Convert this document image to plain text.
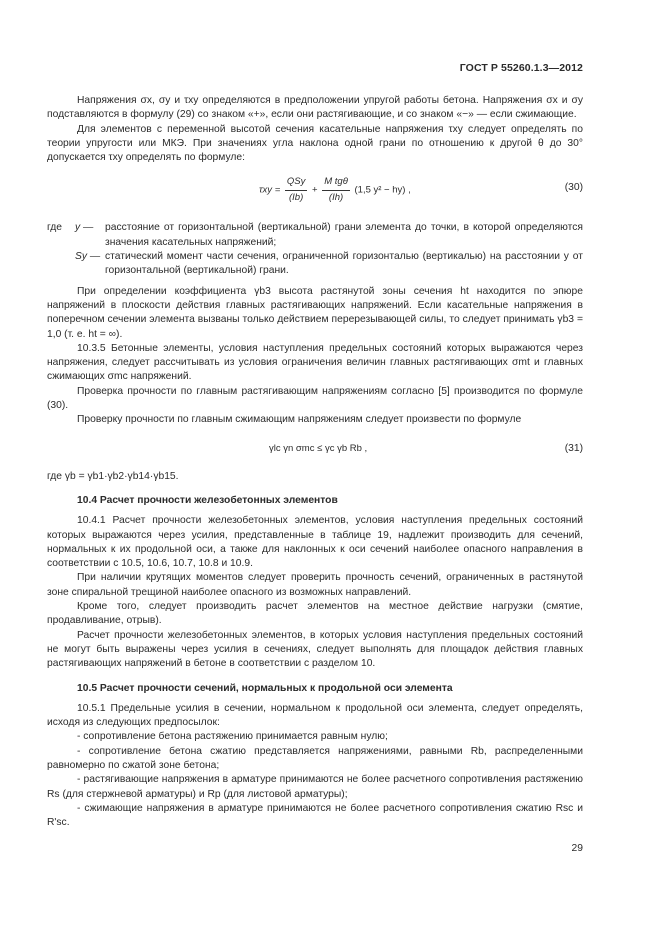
ГОСТ Р 55260.1.3—2012

Напряжения σx, σy и τxy определяются в предположении упругой работы бетона. Напряжения σx и σy подставляются в формулу (29) со знаком «+», если они растягивающие, и со знаком «−» — если сжимающие.

Для элементов с переменной высотой сечения касательные напряжения τxy следует определять по теории упругости или МКЭ. При значениях угла наклона одной грани по отношению к другой θ до 30° допускается τxy определять по формуле:

$\tau xy = \frac{\text{QSy}}{(Ib)} + \frac{\text{M tgθ}}{(Ih)} (1,5$ y² − hy) ,	(30)
где	y —	расстояние от горизонтальной (вертикальной) грани элемента до точки, в которой определяются значения касательных напряжений;
Sy — статический момент части сечения, ограниченной горизонталью (вертикалью) на расстоянии y от горизонтальной (вертикальной) грани.

При определении коэффициента γb3 высота растянутой зоны сечения ht находится по эпюре напряжений в плоскости действия главных растягивающих напряжений. Если касательные напряжения в поперечном сечении элемента вызваны только действием перерезывающей силы, то следует принимать γb3 = 1,0 (т. е. ht = ∞).

10.3.5 Бетонные элементы, условия наступления предельных состояний которых выражаются через напряжения, следует рассчитывать из условия ограничения величин главных растягивающих σmt и главных сжимающих σmc напряжений.

Проверка прочности по главным растягивающим напряжениям согласно [5] производится по формуле (30).

Проверку прочности по главным сжимающим напряжениям следует произвести по формуле

γlc γn σmc ≤ γc γb Rb ,	(31)

где γb = γb1·γb2·γb14·γb15.

10.4 Расчет прочности железобетонных элементов

10.4.1 Расчет прочности железобетонных элементов, условия наступления предельных состояний которых выражаются через усилия, представленные в таблице 19, надлежит производить для сечений, нормальных к их продольной оси, а также для наклонных к оси сечений наиболее опасного направления в соответствии с 10.5, 10.6, 10.7, 10.8 и 10.9.

При наличии крутящих моментов следует проверить прочность сечений, ограниченных в растянутой зоне спиральной трещиной наиболее опасного из возможных направлений.

Кроме того, следует производить расчет элементов на местное действие нагрузки (смятие, продавливание, отрыв).

Расчет прочности железобетонных элементов, в которых условия наступления предельных состояний не могут быть выражены через усилия в сечениях, следует выполнять для площадок действия главных растягивающих напряжений в бетоне в соответствии с разделом 10.

10.5 Расчет прочности сечений, нормальных к продольной оси элемента

10.5.1 Предельные усилия в сечении, нормальном к продольной оси элемента, следует определять, исходя из следующих предпосылок:

- сопротивление бетона растяжению принимается равным нулю;

- сопротивление бетона сжатию представляется напряжениями, равными Rb, распределенными равномерно по сжатой зоне бетона;

- растягивающие напряжения в арматуре принимаются не более расчетного сопротивления растяжению Rs (для стержневой арматуры) и Rp (для листовой арматуры);

- сжимающие напряжения в арматуре принимаются не более расчетного сопротивления сжатию Rsc и R'sc.

29
